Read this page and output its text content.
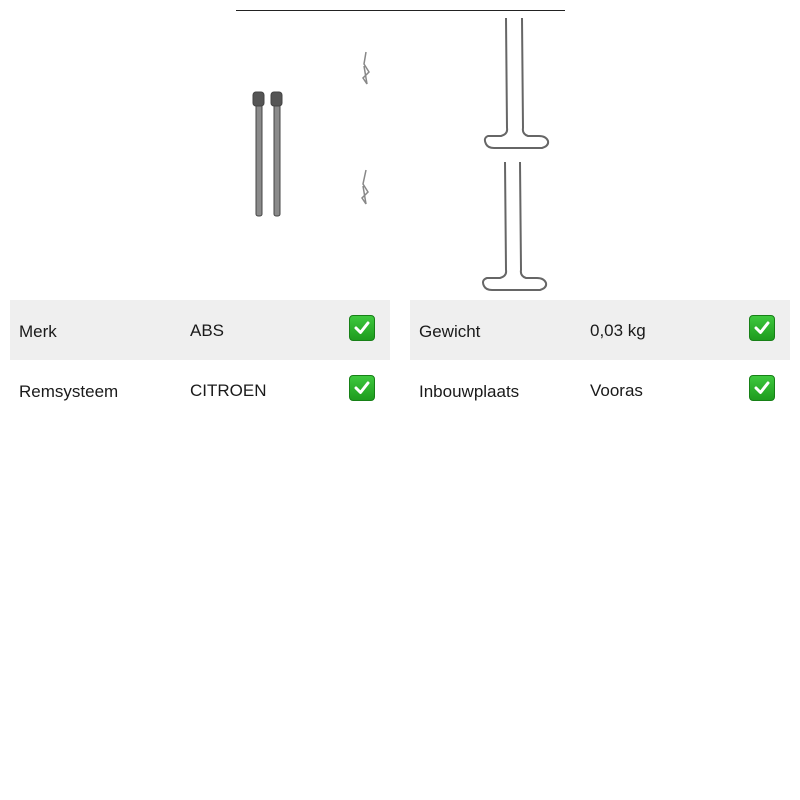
Merk	ABS
Remsysteem	CITROEN
Gewicht	0,03 kg
Inbouwplaats	Vooras
